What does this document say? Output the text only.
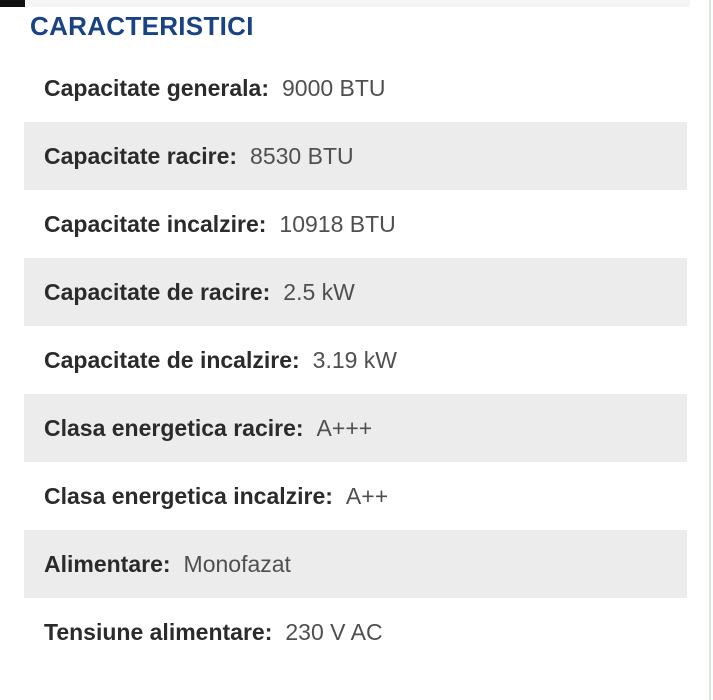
CARACTERISTICI
Capacitate generala: 9000 BTU
Capacitate racire: 8530 BTU
Capacitate incalzire: 10918 BTU
Capacitate de racire: 2.5 kW
Capacitate de incalzire: 3.19 kW
Clasa energetica racire: A+++
Clasa energetica incalzire: A++
Alimentare: Monofazat
Tensiune alimentare: 230 V AC
